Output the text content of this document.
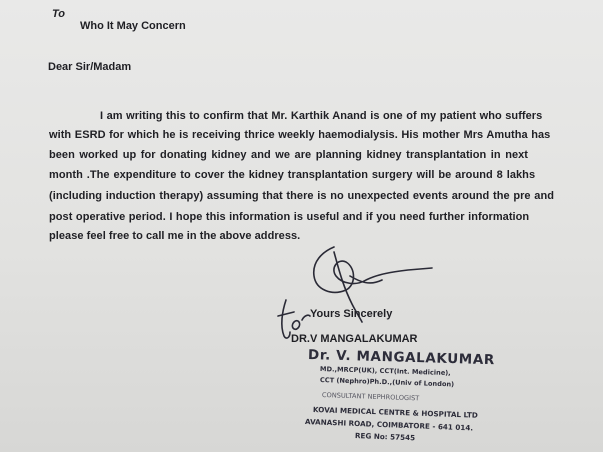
To
Who It May Concern
Dear Sir/Madam
I am writing this to confirm that Mr. Karthik Anand is one of my patient who suffers
with ESRD for which he is receiving thrice weekly haemodialysis. His mother Mrs Amutha has
been worked up for donating kidney and we are planning kidney transplantation in next
month .The expenditure to cover the kidney transplantation surgery will be around 8 lakhs
(including induction therapy) assuming that there is no unexpected events around the pre and
post operative period. I hope this information is useful and if you need further information
please feel free to call me in the above address.
Yours Sincerely
DR.V MANGALAKUMAR
Dr. V. MANGALAKUMAR
MD.,MRCP(UK), CCT(Int. Medicine),
CCT (Nephro)Ph.D.,(Univ of London)
CONSULTANT NEPHROLOGIST
KOVAI MEDICAL CENTRE & HOSPITAL LTD
AVANASHI ROAD, COIMBATORE - 641 014.
REG No: 57545
